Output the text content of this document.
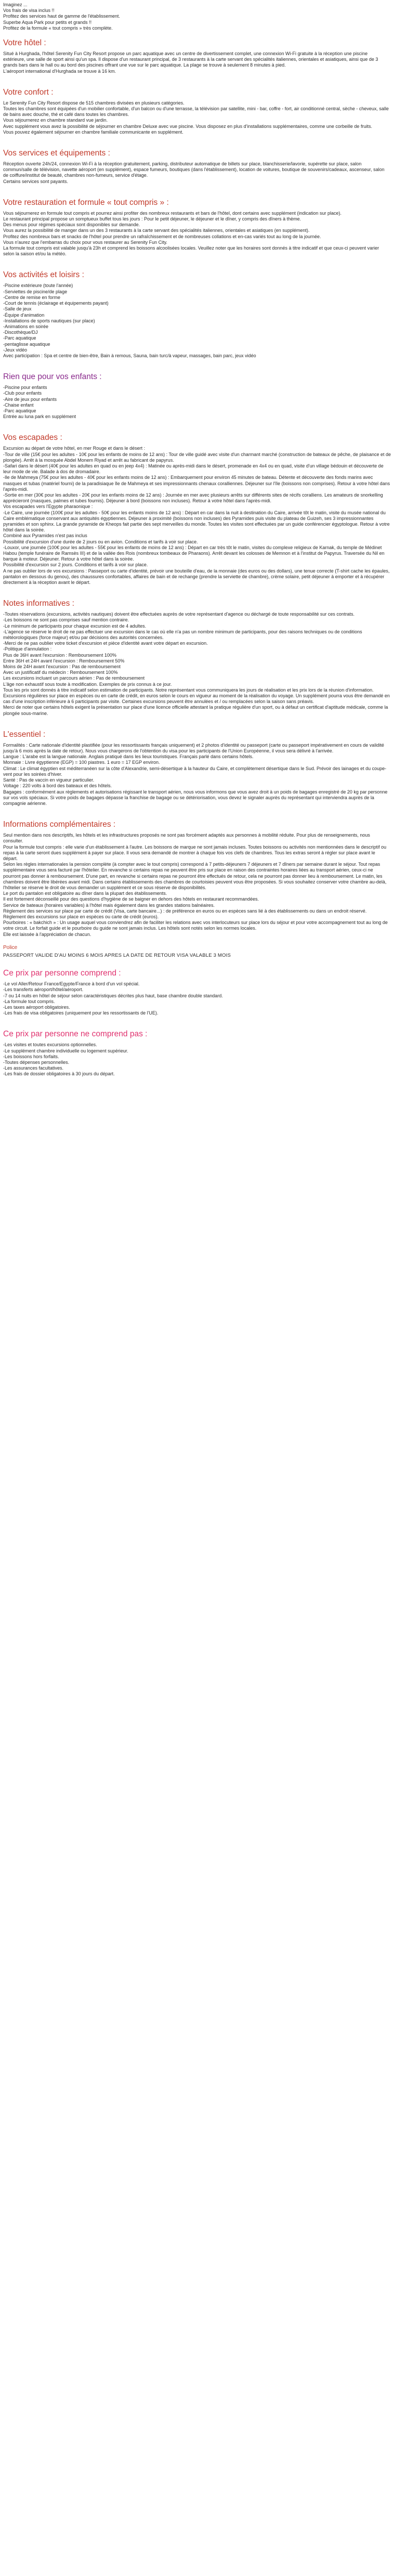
Imaginez ...

Vos frais de visa inclus !!

Profitez des services haut de gamme de l'établissement.

Superbe Aqua Park pour petits et grands !!

Profitez de la formule « tout compris » très complète.

Votre hôtel :

Situé à Hurghada, l'hôtel Serenity Fun City Resort propose un parc aquatique avec un centre de divertissement complet, une connexion Wi-Fi gratuite à la réception une piscine extérieure, une salle de sport ainsi qu'un spa. Il dispose d'un restaurant principal, de 3 restaurants à la carte servant des spécialités italiennes, orientales et asiatiques, ainsi que de 3 grands bars dans le hall ou au bord des piscines offrant une vue sur le parc aquatique. La plage se trouve à seulement 8 minutes à pied.

L'aéroport international d'Hurghada se trouve à 16 km.

Votre confort :

Le Serenity Fun City Resort dispose de 515 chambres divisées en plusieurs catégories.

Toutes les chambres sont équipées d'un mobilier confortable, d'un balcon ou d'une terrasse, la télévision par satellite, mini - bar, coffre - fort, air conditionné central, sèche - cheveux, salle de bains avec douche, thé et café dans toutes les chambres.

Vous séjournerez en chambre standard vue jardin.

Avec supplément vous avez la possibilité de séjourner en chambre Deluxe avec vue piscine. Vous disposez en plus d'installations supplémentaires, comme une corbeille de fruits.

Vous pouvez également séjourner en chambre familiale communicante en supplément.

Vos services et équipements :

Réception ouverte 24h/24, connexion Wi-Fi à la réception gratuitement, parking, distributeur automatique de billets sur place, blanchisserie/lavorie, supérette sur place, salon commun/salle de télévision, navette aéroport (en supplément), espace fumeurs, boutiques (dans l'établissement), location de voitures, boutique de souvenirs/cadeaux, ascenseur, salon de coiffure/institut de beauté, chambres non-fumeurs, service d'étage.

Certains services sont payants.

Votre restauration et formule « tout compris » :

Vous séjournerez en formule tout compris et pourrez ainsi profiter des nombreux restaurants et bars de l'hôtel, dont certains avec supplément (indication sur place).

Le restaurant principal propose un somptueux buffet tous les jours : Pour le petit déjeuner, le déjeuner et le dîner, y compris des dîners à thème.

Des menus pour régimes spéciaux sont disponibles sur demande.

Vous aurez la possibilité de manger dans un des 3 restaurants à la carte servant des spécialités italiennes, orientales et asiatiques (en supplément).

Profitez des nombreux bars et snacks de l'hôtel pour prendre un rafraîchissement et de nombreuses collations et en-cas variés tout au long de la journée.

Vous n'aurez que l'embarras du choix pour vous restaurer au Serenity Fun City.

La formule tout compris est valable jusqu'à 23h et comprend les boissons alcoolisées locales. Veuillez noter que les horaires sont donnés à titre indicatif et que ceux-ci peuvent varier selon la saison et/ou la météo.

Vos activités et loisirs :
-Piscine extérieure (toute l'année)
-Serviettes de piscine/de plage
-Centre de remise en forme
-Court de tennis (éclairage et équipements payant)
-Salle de jeux
-Équipe d'animation
-Installations de sports nautiques (sur place)
-Animations en soirée
-Discothèque/DJ
-Parc aquatique
-pentaglisse aquatique
-Jeux vidéo
Avec participation : Spa et centre de bien-être, Bain à remous, Sauna, bain turc/à vapeur, massages, bain parc, jeux vidéo
Rien que pour vos enfants :
-Piscine pour enfants
-Club pour enfants
-Aire de jeux pour enfants
-Chaise enfant
-Parc aquatique
Entrée au luna park en supplément
Vos escapades :

Excursion au départ de votre hôtel, en mer Rouge et dans le désert :

-Tour de ville (15€ pour les adultes - 10€ pour les enfants de moins de 12 ans) : Tour de ville guidé avec visite d'un charmant marché (construction de bateaux de pêche, de plaisance et de plongée). Arrêt à la mosquée Abdel Monem Riyad et arrêt au fabricant de papyrus.

-Safari dans le désert (40€ pour les adultes en quad ou en jeep 4x4) : Matinée ou après-midi dans le désert, promenade en 4x4 ou en quad, visite d'un village bédouin et découverte de leur mode de vie. Balade à dos de dromadaire.

-Ile de Mahmeya (75€ pour les adultes - 40€ pour les enfants moins de 12 ans) : Embarquement pour environ 45 minutes de bateau. Détente et découverte des fonds marins avec masques et tubas (matériel fourni) de la paradisiaque île de Mahmeya et ses impressionnants chenaux coralliennes. Déjeuner sur l'île (boissons non comprises). Retour à votre hôtel dans l'après-midi.

-Sortie en mer (30€ pour les adultes - 20€ pour les enfants moins de 12 ans) : Journée en mer avec plusieurs arrêts sur différents sites de récifs coralliens. Les amateurs de snorkelling apprécieront (masques, palmes et tubes fournis). Déjeuner à bord (boissons non incluses). Retour à votre hôtel dans l'après-midi.

Vos escapades vers l'Egypte pharaonique :

-Le Caire, une journée (100€ pour les adultes - 50€ pour les enfants moins de 12 ans) : Départ en car dans la nuit à destination du Caire, arrivée tôt le matin, visite du musée national du Caire emblématique conservant aux antiquités égyptiennes. Déjeuner à proximité (boissons non incluses) des Pyramides puis visite du plateau de Guizeh, ses 3 impressionnantes pyramides et son sphinx. La grande pyramide de Kheops fait partie des sept merveilles du monde. Toutes les visites sont effectuées par un guide conférencier égyptologue. Retour à votre hôtel dans la soirée.

Combiné aux Pyramides n'est pas inclus

Possibilité d'excursion d'une durée de 2 jours ou en avion. Conditions et tarifs à voir sur place.

-Louxor, une journée (100€ pour les adultes - 55€ pour les enfants de moins de 12 ans) : Départ en car très tôt le matin, visites du complexe religieux de Karnak, du temple de Médinet Habou (temple funéraire de Ramsès III) et de la vallée des Rois (nombreux tombeaux de Pharaons). Arrêt devant les colosses de Memnon et à l'institut de Papyrus. Traversée du Nil en barque à moteur. Déjeuner. Retour à votre hôtel dans la soirée.

Possibilité d'excursion sur 2 jours. Conditions et tarifs à voir sur place.

A ne pas oublier lors de vos excursions : Passeport ou carte d'identité, prévoir une bouteille d'eau, de la monnaie (des euros ou des dollars), une tenue correcte (T-shirt cache les épaules, pantalon en dessous du genou), des chaussures confortables, affaires de bain et de rechange (prendre la serviette de chambre), crème solaire, petit déjeuner à emporter et à récupérer directement à la réception avant le départ.

Notes informatives :

-Toutes réservations (excursions, activités nautiques) doivent être effectuées auprès de votre représentant d'agence ou déchargé de toute responsabilité sur ces contrats.

-Les boissons ne sont pas comprises sauf mention contraire.

-Le minimum de participants pour chaque excursion est de 4 adultes.

-L'agence se réserve le droit de ne pas effectuer une excursion dans le cas où elle n'a pas un nombre minimum de participants, pour des raisons techniques ou de conditions météorologiques (force majeur) et/ou par décisions des autorités concernées.

-Merci de ne pas oublier votre ticket d'excursion et pièce d'identité avant votre départ en excursion.

-Politique d'annulation :

Plus de 36H avant l'excursion : Remboursement 100%

Entre 36H et 24H avant l'excursion : Remboursement 50%

Moins de 24H avant l'excursion : Pas de remboursement

Avec un justificatif du médecin : Remboursement 100%

Les excursions incluant un parcours aérien : Pas de remboursement

L'âge non exhaustif sous toute à modification. Exemples de prix connus à ce jour.

Tous les prix sont donnés à titre indicatif selon estimation de participants. Notre représentant vous communiquera les jours de réalisation et les prix lors de la réunion d'information. Excursions régulières sur place en espèces ou en carte de crédit, en euros selon le cours en vigueur au moment de la réalisation du voyage. Un supplément pourra vous être demandé en cas d'une inscription inférieure à 6 participants par visite. Certaines excursions peuvent être annulées et / ou remplacées selon la saison sans préavis.

Merci de noter que certains hôtels exigent la présentation sur place d'une licence officielle attestant la pratique régulière d'un sport, ou à défaut un certificat d'aptitude médicale, comme la plongée sous-marine.

L'essentiel :

Formalités : Carte nationale d'identité plastifiée (pour les ressortissants français uniquement) et 2 photos d'identité ou passeport (carte ou passeport impérativement en cours de validité jusqu'à 6 mois après la date de retour). Nous vous chargerons de l'obtention du visa pour les participants de l'Union Européenne, il vous sera délivré à l'arrivée.

Langue : L'arabe est la langue nationale. Anglais pratiqué dans les lieux touristiques. Français parlé dans certains hôtels.

Monnaie : Livre égyptienne (EGP) = 100 piastres. 1 euro = 17 EGP environ.

Climat : Le climat égyptien est méditerranéen sur la côte d'Alexandrie, semi-désertique à la hauteur du Caire, et complètement désertique dans le Sud. Prévoir des lainages et du coupe-vent pour les soirées d'hiver.

Santé : Pas de vaccin en vigueur particulier.

Voltage : 220 volts à bord des bateaux et des hôtels.

Bagages : conformément aux règlements et autorisations régissant le transport aérien, nous vous informons que vous avez droit à un poids de bagages enregistré de 20 kg par personne sur vos vols spéciaux. Si votre poids de bagages dépasse la franchise de bagage ou se détériorisation, vous devez le signaler auprès du représentant qui interviendra auprès de la compagnie aérienne.

Informations complémentaires :

Seul mention dans nos descriptifs, les hôtels et les infrastructures proposés ne sont pas forcément adaptés aux personnes à mobilité réduite. Pour plus de renseignements, nous consulter.

Pour la formule tout compris : elle varie d'un établissement à l'autre. Les boissons de marque ne sont jamais incluses. Toutes boissons ou activités non mentionnées dans le descriptif ou repas à la carte seront dues supplément à payer sur place. Il vous sera demandé de montrer à chaque fois vos clefs de chambres. Tous les extras seront à régler sur place avant le départ.

Selon les règles internationales la pension complète (à compter avec le tout compris) correspond à 7 petits-déjeuners 7 déjeuners et 7 dîners par semaine durant le séjour. Tout repas supplémentaire vous sera facturé par l'hôtelier. En revanche si certains repas ne peuvent être pris sur place en raison des contraintes horaires liées au transport aérien, ceux-ci ne pourront pas donner à remboursement. D'une part, en revanche si certains repas ne pourront être effectués de retour, cela ne pourront pas donner lieu à remboursement. Le matin, les chambres doivent être libérées avant midi. Dans certains établissements des chambres de courtoisies peuvent vous être proposées. Si vous souhaitez conserver votre chambre au-delà, l'hôtelier se réserve le droit de vous demander un supplément et ce sous réserve de disponibilités.

Le port du pantalon est obligatoire au dîner dans la plupart des établissements.

Il est fortement déconseillé pour des questions d'hygiène de se baigner en dehors des hôtels en restaurant recommandées.

Service de bateaux (horaires variables) à l'hôtel mais également dans les grandes stations balnéaires.

Règlement des services sur place par carte de crédit (Visa, carte bancaire...) : de préférence en euros ou en espèces sans lié à des établissements ou dans un endroit réservé.

Règlement des excursions sur place en espèces ou carte de crédit (euros).

Pourboires : « bakchich » : Un usage auquel vous conviendrez afin de faciliter les relations avec vos interlocuteurs sur place lors du séjour et pour votre accompagnement tout au long de votre circuit. Le forfait guide et le pourboire du guide ne sont jamais inclus. Les hôtels sont notés selon les normes locales.

Elle est laissée à l'appréciation de chacun.

Police

PASSEPORT VALIDE D'AU MOINS 6 MOIS APRES LA DATE DE RETOUR VISA VALABLE 3 MOIS

Ce prix par personne comprend :
-Le vol Aller/Retour France/Egypte/France à bord d'un vol spécial.
-Les transferts aéroport/hôtel/aéroport.
-7 ou 14 nuits en hôtel de séjour selon caractéristiques décrites plus haut, base chambre double standard.
-La formule tout compris.
-Les taxes aéroport obligatoires.
-Les frais de visa obligatoires (uniquement pour les ressortissants de l'UE).
Ce prix par personne ne comprend pas :
-Les visites et toutes excursions optionnelles.
-Le supplément chambre individuelle ou logement supérieur.
-Les boissons hors forfaits.
-Toutes dépenses personnelles.
-Les assurances facultatives.
-Les frais de dossier obligatoires à 30 jours du départ.
